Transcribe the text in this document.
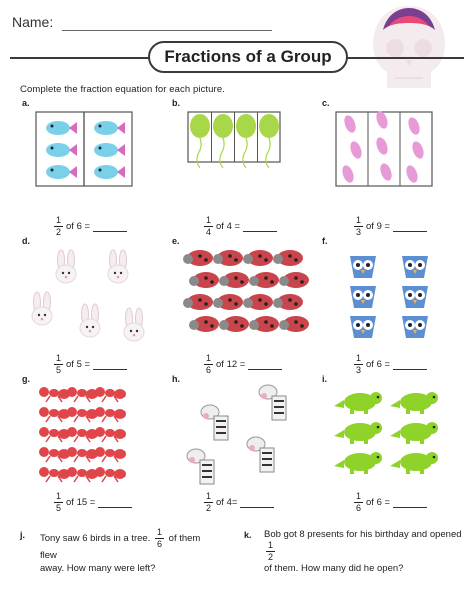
Name:
Fractions of a Group
Complete the fraction equation for each picture.
a.
$\frac{1}{2}$ of 6 =
b.
$\frac{1}{4}$ of 4 =
c.
$\frac{1}{3}$ of 9 =
d.
$\frac{1}{5}$ of 5 =
e.
$\frac{1}{6}$ of 12 =
f.
$\frac{1}{3}$ of 6 =
g.
$\frac{1}{5}$ of 15 =
h.
$\frac{1}{2}$ of 4=
i.
$\frac{1}{6}$ of 6 =
j. Tony saw 6 birds in a tree. $\frac{1}{6}$ of them flew
away. How many were left?
k. Bob got 8 presents for his birthday and opened
$\frac{1}{2}$

of them. How many did he open?
